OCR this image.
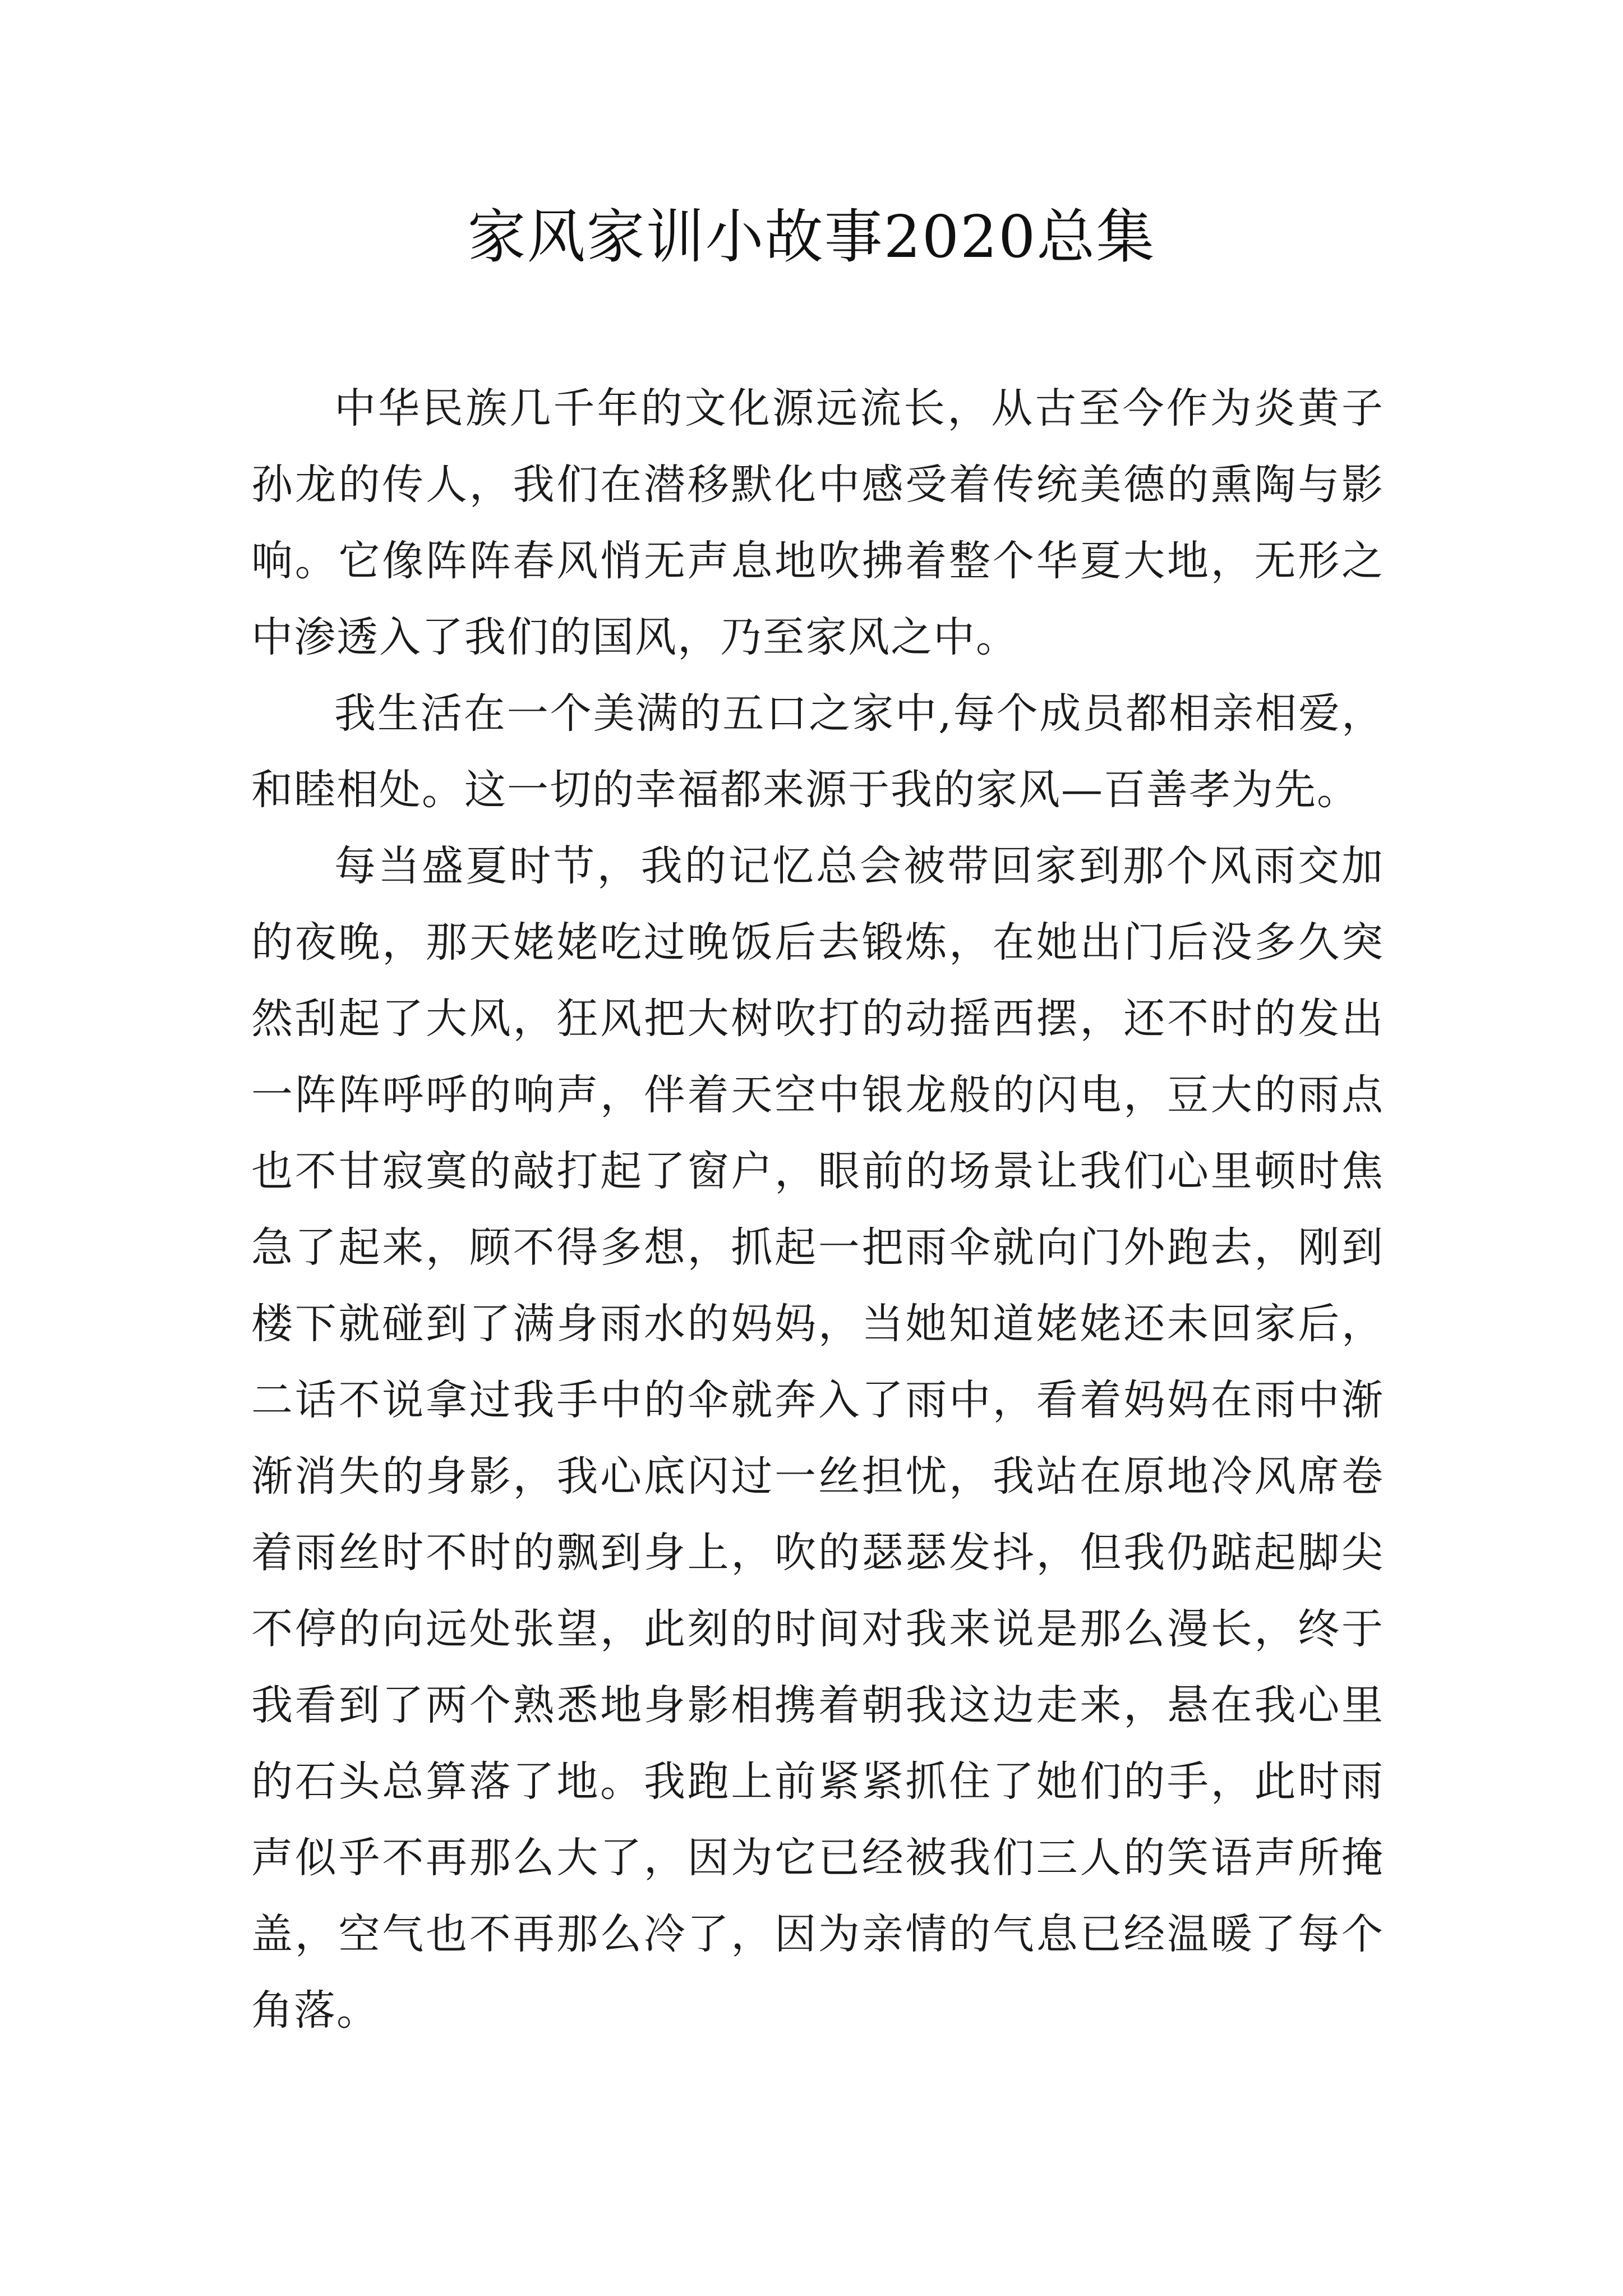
家风家训小故事2020总集

中华民族几千年的文化源远流长，从古至今作为炎黄子孙龙的传人，我们在潜移默化中感受着传统美德的熏陶与影响。它像阵阵春风悄无声息地吹拂着整个华夏大地，无形之中渗透入了我们的国风，乃至家风之中。

我生活在一个美满的五口之家中,每个成员都相亲相爱，和睦相处。这一切的幸福都来源于我的家风—百善孝为先。

每当盛夏时节，我的记忆总会被带回家到那个风雨交加的夜晚，那天姥姥吃过晚饭后去锻炼，在她出门后没多久突然刮起了大风，狂风把大树吹打的动摇西摆，还不时的发出一阵阵呼呼的响声，伴着天空中银龙般的闪电，豆大的雨点也不甘寂寞的敲打起了窗户，眼前的场景让我们心里顿时焦急了起来，顾不得多想，抓起一把雨伞就向门外跑去，刚到楼下就碰到了满身雨水的妈妈，当她知道姥姥还未回家后，二话不说拿过我手中的伞就奔入了雨中，看着妈妈在雨中渐渐消失的身影，我心底闪过一丝担忧，我站在原地冷风席卷着雨丝时不时的飘到身上，吹的瑟瑟发抖，但我仍踮起脚尖不停的向远处张望，此刻的时间对我来说是那么漫长，终于我看到了两个熟悉地身影相携着朝我这边走来，悬在我心里的石头总算落了地。我跑上前紧紧抓住了她们的手，此时雨声似乎不再那么大了，因为它已经被我们三人的笑语声所掩盖，空气也不再那么冷了，因为亲情的气息已经温暖了每个角落。
